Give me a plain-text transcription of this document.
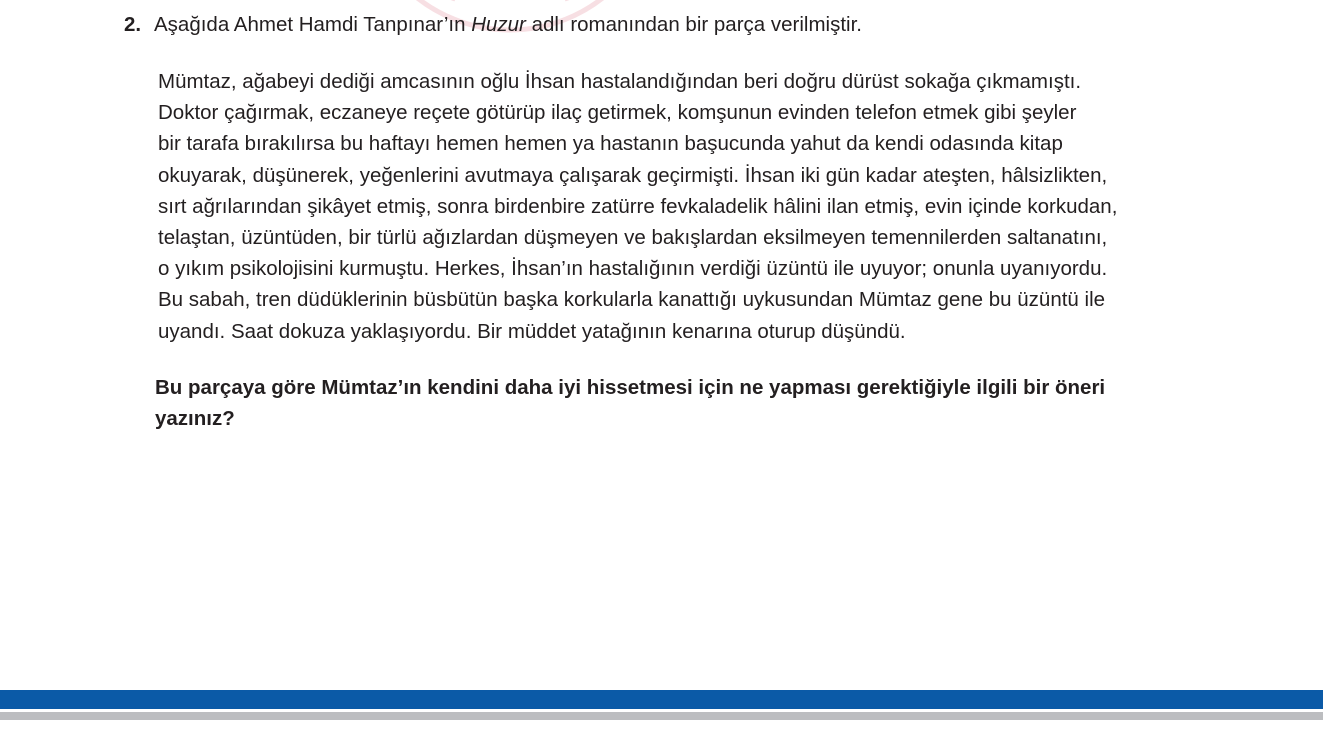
2. Aşağıda Ahmet Hamdi Tanpınar’ın Huzur adlı romanından bir parça verilmiştir.
Mümtaz, ağabeyi dediği amcasının oğlu İhsan hastalandığından beri doğru dürüst sokağa çıkmamıştı.
Doktor çağırmak, eczaneye reçete götürüp ilaç getirmek, komşunun evinden telefon etmek gibi şeyler
bir tarafa bırakılırsa bu haftayı hemen hemen ya hastanın başucunda yahut da kendi odasında kitap
okuyarak, düşünerek, yeğenlerini avutmaya çalışarak geçirmişti. İhsan iki gün kadar ateşten, hâlsizlikten,
sırt ağrılarından şikâyet etmiş, sonra birdenbire zatürre fevkaladelik hâlini ilan etmiş, evin içinde korkudan,
telaştan, üzüntüden, bir türlü ağızlardan düşmeyen ve bakışlardan eksilmeyen temennilerden saltanatını,
o yıkım psikolojisini kurmuştu. Herkes, İhsan’ın hastalığının verdiği üzüntü ile uyuyor; onunla uyanıyordu.
Bu sabah, tren düdüklerinin büsbütün başka korkularla kanattığı uykusundan Mümtaz gene bu üzüntü ile
uyandı. Saat dokuza yaklaşıyordu. Bir müddet yatağının kenarına oturup düşündü.
Bu parçaya göre Mümtaz’ın kendini daha iyi hissetmesi için ne yapması gerektiğiyle ilgili bir öneri
yazınız?
